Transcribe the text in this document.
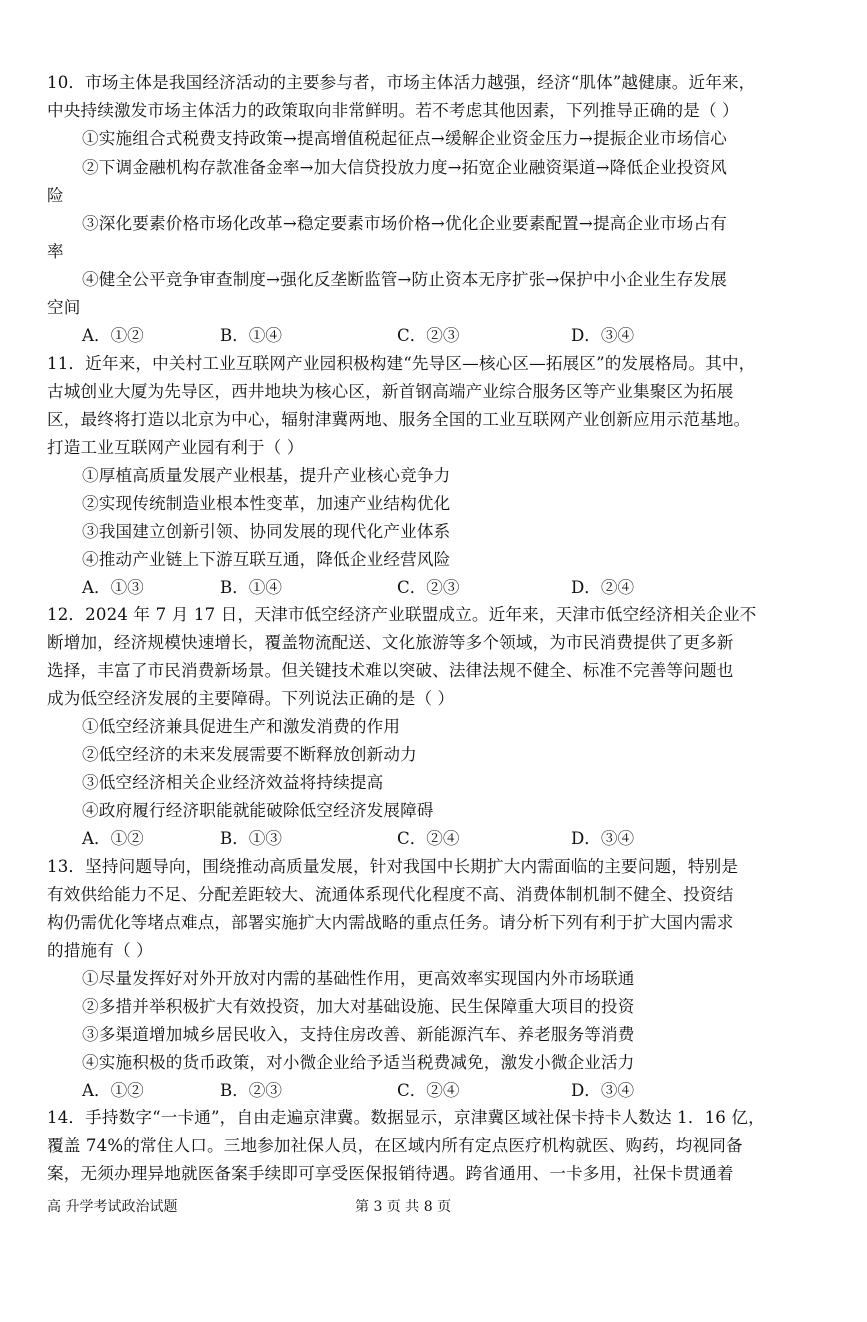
10．市场主体是我国经济活动的主要参与者，市场主体活力越强，经济“肌体”越健康。近年来，
中央持续激发市场主体活力的政策取向非常鲜明。若不考虑其他因素，下列推导正确的是（ ）
①实施组合式税费支持政策→提高增值税起征点→缓解企业资金压力→提振企业市场信心
②下调金融机构存款准备金率→加大信贷投放力度→拓宽企业融资渠道→降低企业投资风
险
③深化要素价格市场化改革→稳定要素市场价格→优化企业要素配置→提高企业市场占有
率
④健全公平竞争审查制度→强化反垄断监管→防止资本无序扩张→保护中小企业生存发展
空间
A．①②	B．①④	C．②③	D．③④
11．近年来，中关村工业互联网产业园积极构建“先导区—核心区—拓展区”的发展格局。其中，
古城创业大厦为先导区，西井地块为核心区，新首钢高端产业综合服务区等产业集聚区为拓展
区，最终将打造以北京为中心，辐射津冀两地、服务全国的工业互联网产业创新应用示范基地。
打造工业互联网产业园有利于（ ）
①厚植高质量发展产业根基，提升产业核心竞争力
②实现传统制造业根本性变革，加速产业结构优化
③我国建立创新引领、协同发展的现代化产业体系
④推动产业链上下游互联互通，降低企业经营风险
A．①③	B．①④	C．②③	D．②④
12．2024 年 7 月 17 日，天津市低空经济产业联盟成立。近年来，天津市低空经济相关企业不
断增加，经济规模快速增长，覆盖物流配送、文化旅游等多个领域，为市民消费提供了更多新
选择，丰富了市民消费新场景。但关键技术难以突破、法律法规不健全、标准不完善等问题也
成为低空经济发展的主要障碍。下列说法正确的是（ ）
①低空经济兼具促进生产和激发消费的作用
②低空经济的未来发展需要不断释放创新动力
③低空经济相关企业经济效益将持续提高
④政府履行经济职能就能破除低空经济发展障碍
A．①②	B．①③	C．②④	D．③④
13．坚持问题导向，围绕推动高质量发展，针对我国中长期扩大内需面临的主要问题，特别是
有效供给能力不足、分配差距较大、流通体系现代化程度不高、消费体制机制不健全、投资结
构仍需优化等堵点难点，部署实施扩大内需战略的重点任务。请分析下列有利于扩大国内需求
的措施有（ ）
①尽量发挥好对外开放对内需的基础性作用，更高效率实现国内外市场联通
②多措并举积极扩大有效投资，加大对基础设施、民生保障重大项目的投资
③多渠道增加城乡居民收入，支持住房改善、新能源汽车、养老服务等消费
④实施积极的货币政策，对小微企业给予适当税费减免，激发小微企业活力
A．①②	B．②③	C．②④	D．③④
14．手持数字“一卡通”，自由走遍京津冀。数据显示，京津冀区域社保卡持卡人数达 1．16 亿，
覆盖 74%的常住人口。三地参加社保人员，在区域内所有定点医疗机构就医、购药，均视同备
案，无须办理异地就医备案手续即可享受医保报销待遇。跨省通用、一卡多用，社保卡贯通着
高 升学考试政治试题	第 3 页 共 8 页
